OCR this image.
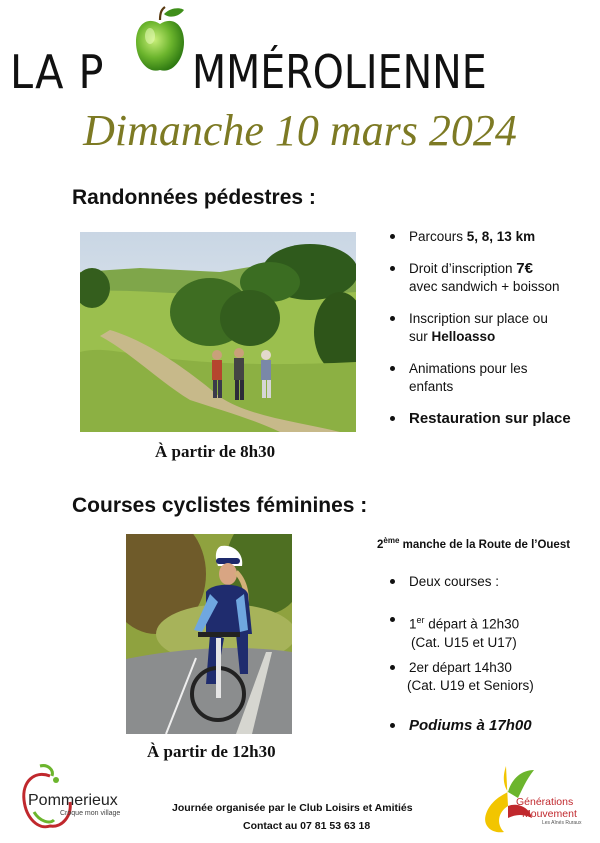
LA P MMÉROLIENNE
Dimanche 10 mars 2024
Randonnées pédestres :
À partir de 8h30
Parcours 5, 8, 13 km
Droit d’inscription 7€
avec sandwich + boisson
Inscription sur place ou
sur Helloasso
Animations pour les
enfants
Restauration sur place
Courses cyclistes féminines :
À partir de 12h30
2ème manche de la Route de l’Ouest
Deux courses :
1er départ à 12h30
(Cat. U15 et U17)
2er départ 14h30
(Cat. U19 et Seniors)
Podiums à 17h00
Pommerieux
Croque mon village	Journée organisée par le Club Loisirs et Amitiés
Contact au 07 81 53 63 18
Générations
Mouvement
Les Aînés Ruraux
